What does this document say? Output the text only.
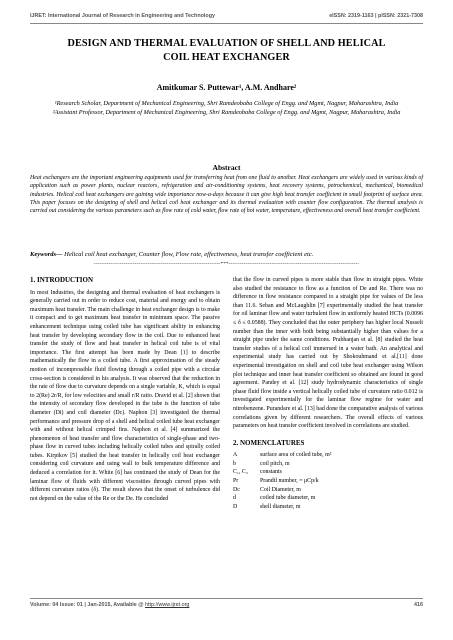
IJRET: International Journal of Research in Engineering and Technology	eISSN: 2319-1163 | pISSN: 2321-7308
DESIGN AND THERMAL EVALUATION OF SHELL AND HELICAL
COIL HEAT EXCHANGER
Amitkumar S. Puttewar¹, A.M. Andhare²

¹Research Scholar, Department of Mechanical Engineering, Shri Ramdeobaba College of Engg. and Mgmt, Nagpur, Maharashtra, India

²Assistant Professor, Department of Mechanical Engineering, Shri Ramdeobaba College of Engg. and Mgmt, Nagpur, Maharashtra, India

Abstract
Heat exchangers are the important engineering equipments used for transferring heat from one fluid to another. Heat exchangers are widely used in various kinds of application such as power plants, nuclear reactors, refrigeration and air-conditioning systems, heat recovery systems, petrochemical, mechanical, biomedical industries. Helical coil heat exchangers are gaining wide importance now-a-days because it can give high heat transfer coefficient in small footprint of surface area. This paper focuses on the designing of shell and helical coil heat exchanger and its thermal evaluation with counter flow configuration. The thermal analysis is carried out considering the various parameters such as flow rate of cold water, flow rate of hot water, temperature, effectiveness and overall heat transfer coefficient.
Keywords— Helical coil heat exchanger, Counter flow, Flow rate, effectiveness, heat transfer coefficient etc.
--------------------------------------------------------------------***----------------------------------------------------------------------
1. INTRODUCTION
In most Industries, the designing and thermal evaluation of heat exchangers is generally carried out in order to reduce cost, material and energy and to obtain maximum heat transfer. The main challenge in heat exchanger design is to make it compact and to get maximum heat transfer in minimum space. The passive enhancement technique using coiled tube has significant ability in enhancing heat transfer by developing secondary flow in the coil. Due to enhanced heat transfer the study of flow and heat transfer in helical coil tube is of vital importance. The first attempt has been made by Dean [1] to describe mathematically the flow in a coiled tube. A first approximation of the steady motion of incompressible fluid flowing through a coiled pipe with a circular cross-section is considered in his analysis. It was observed that the reduction in the rate of flow due to curvature depends on a single variable, K, which is equal to 2(Re) 2r/R, for low velocities and small r/R ratio. Dravid et al. [2] shown that the intensity of secondary flow developed in the tube is the function of tube diameter (Di) and coil diameter (Dc). Naphon [3] investigated the thermal performance and pressure drop of a shell and helical coiled tube heat exchanger with and without helical crimped fins. Naphon et al. [4] summarized the phenomenon of heat transfer and flow characteristics of single-phase and two-phase flow in curved tubes including helically coiled tubes and spirally coiled tubes. Kirpikov [5] studied the heat transfer in helically coil heat exchanger considering coil curvature and using wall to bulk temperature difference and deduced a correlation for it. White [6] has continued the study of Dean for the laminar flow of fluids with different viscosities through curved pipes with different curvature ratios (δ). The result shows that the onset of turbulence did not depend on the value of the Re or the De. He concluded
that the flow in curved pipes is more stable than flow in straight pipes. White also studied the resistance to flow as a function of De and Re. There was no difference in flow resistance compared to a straight pipe for values of De less than 11.6. Seban and McLaughlin [7] experimentally studied the heat transfer for oil laminar flow and water turbulent flow in uniformly heated HCTs (0.0096 ≤ δ ≤ 0.0588). They concluded that the outer periphery has higher local Nusselt number than the inner with both being substantially higher than values for a straight pipe under the same conditions. Prabhanjan et al. [8] studied the heat transfer studies of a helical coil immersed in a water bath. An analytical and experimental study has carried out by Shokouhmand et al.[11] done experimental investigation on shell and coil tube heat exchanger using Wilson plot technique and inner heat transfer coefficient so obtained are found in good agreement. Pandey et al. [12] study hydrodynamic characteristics of single phase fluid flow inside a vertical helically coiled tube of curvature ratio 0.012 is investigated experimentally for the laminar flow regime for water and nitrobenzene. Purandare et al. [13] had done the comparative analysis of various correlations given by different researchers. The overall effects of various parameters on heat transfer coefficient involved in correlations are studied.
2. NOMENCLATURES
A	surface area of coiled tube, m²
b	coil pitch, m
C₁, C₂	constants
Pr	Prandtl number, = μCp/k
Dc	Coil Diameter, m
d	coiled tube diameter, m
D	shell diameter, m
Volume: 04 Issue: 01 | Jan-2015, Available @ http://www.ijret.org	416
